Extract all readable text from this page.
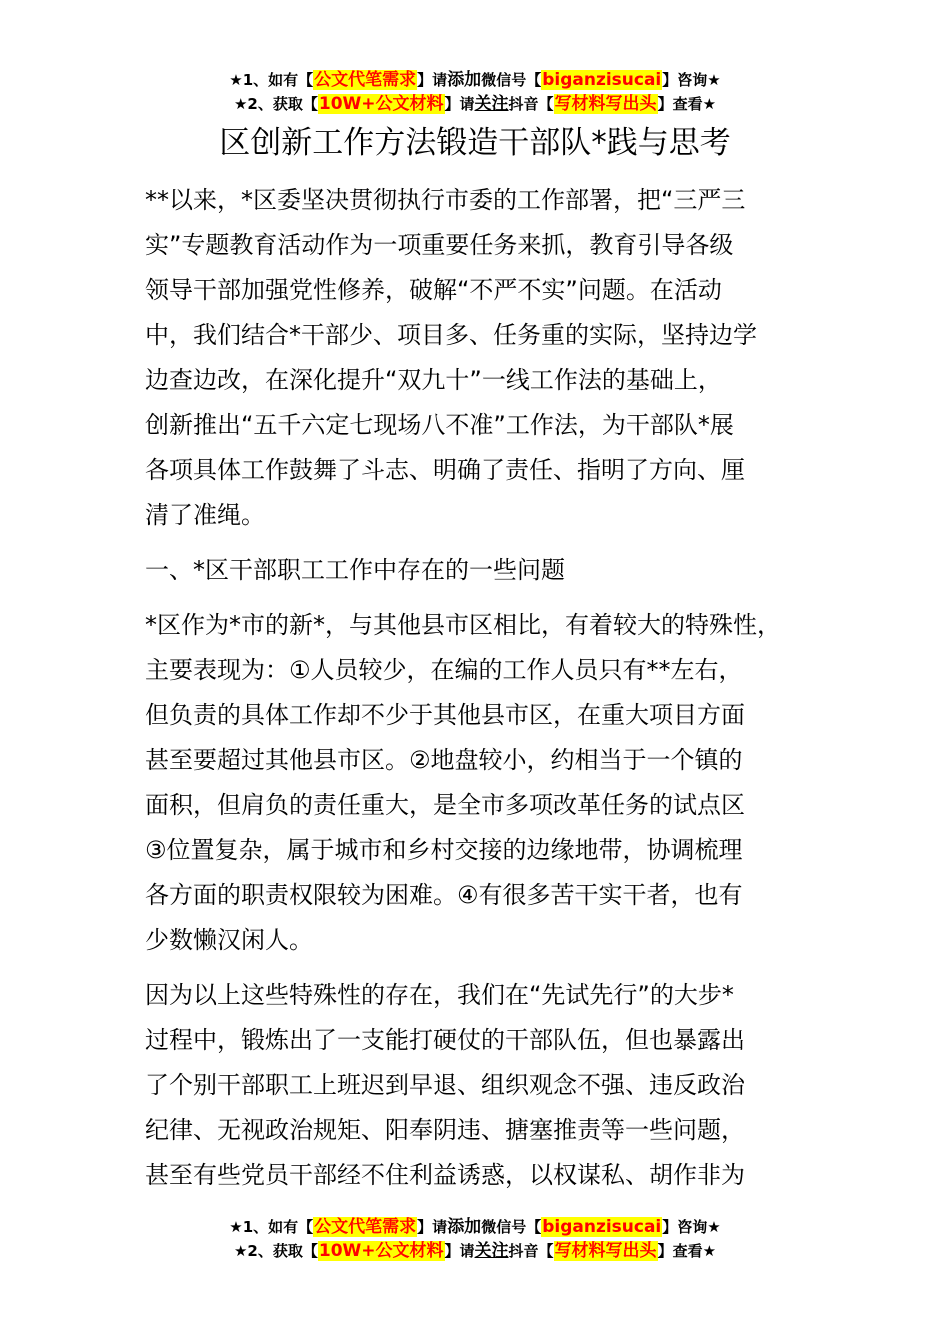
★1、如有【公文代笔需求】请添加微信号【biganzisucai】咨询★
★2、获取【10W+公文材料】请关注抖音【写材料写出头】查看★
区创新工作方法锻造干部队*践与思考

**以来，*区委坚决贯彻执行市委的工作部署，把“三严三

实”专题教育活动作为一项重要任务来抓，教育引导各级

领导干部加强党性修养，破解“不严不实”问题。在活动

中，我们结合*干部少、项目多、任务重的实际，坚持边学

边查边改，在深化提升“双九十”一线工作法的基础上，

创新推出“五千六定七现场八不准”工作法，为干部队*展

各项具体工作鼓舞了斗志、明确了责任、指明了方向、厘

清了准绳。

一、*区干部职工工作中存在的一些问题

*区作为*市的新*，与其他县市区相比，有着较大的特殊性，

主要表现为：①人员较少，在编的工作人员只有**左右，

但负责的具体工作却不少于其他县市区，在重大项目方面

甚至要超过其他县市区。②地盘较小，约相当于一个镇的

面积，但肩负的责任重大，是全市多项改革任务的试点区

③位置复杂，属于城市和乡村交接的边缘地带，协调梳理

各方面的职责权限较为困难。④有很多苦干实干者，也有

少数懒汉闲人。

因为以上这些特殊性的存在，我们在“先试先行”的大步*

过程中，锻炼出了一支能打硬仗的干部队伍，但也暴露出

了个别干部职工上班迟到早退、组织观念不强、违反政治

纪律、无视政治规矩、阳奉阴违、搪塞推责等一些问题，

甚至有些党员干部经不住利益诱惑，以权谋私、胡作非为

★1、如有【公文代笔需求】请添加微信号【biganzisucai】咨询★
★2、获取【10W+公文材料】请关注抖音【写材料写出头】查看★
